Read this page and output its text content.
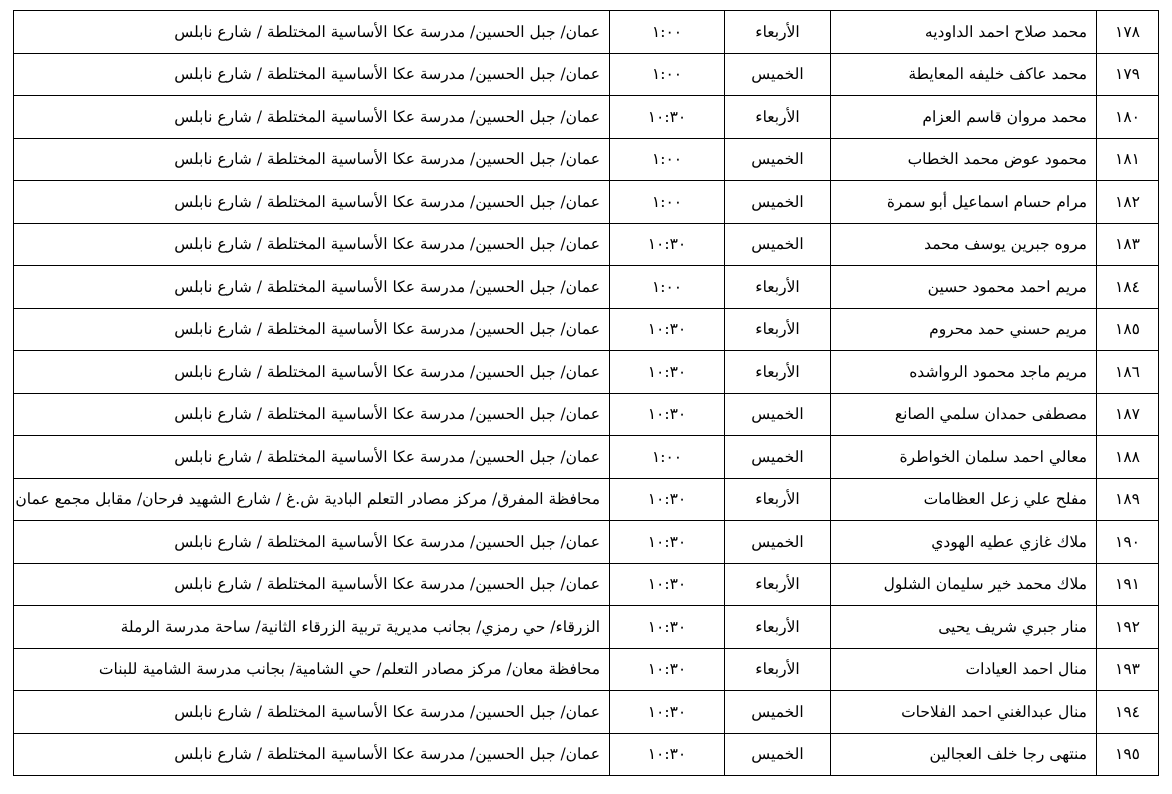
١٧٨	محمد صلاح احمد الداوديه	الأربعاء	١:٠٠	عمان/ جبل الحسين/ مدرسة عكا الأساسية المختلطة / شارع نابلس
١٧٩	محمد عاكف خليفه المعايطة	الخميس	١:٠٠	عمان/ جبل الحسين/ مدرسة عكا الأساسية المختلطة / شارع نابلس
١٨٠	محمد مروان قاسم العزام	الأربعاء	١٠:٣٠	عمان/ جبل الحسين/ مدرسة عكا الأساسية المختلطة / شارع نابلس
١٨١	محمود عوض محمد الخطاب	الخميس	١:٠٠	عمان/ جبل الحسين/ مدرسة عكا الأساسية المختلطة / شارع نابلس
١٨٢	مرام حسام اسماعيل أبو سمرة	الخميس	١:٠٠	عمان/ جبل الحسين/ مدرسة عكا الأساسية المختلطة / شارع نابلس
١٨٣	مروه جبرين يوسف محمد	الخميس	١٠:٣٠	عمان/ جبل الحسين/ مدرسة عكا الأساسية المختلطة / شارع نابلس
١٨٤	مريم احمد محمود حسين	الأربعاء	١:٠٠	عمان/ جبل الحسين/ مدرسة عكا الأساسية المختلطة / شارع نابلس
١٨٥	مريم حسني حمد محروم	الأربعاء	١٠:٣٠	عمان/ جبل الحسين/ مدرسة عكا الأساسية المختلطة / شارع نابلس
١٨٦	مريم ماجد محمود الرواشده	الأربعاء	١٠:٣٠	عمان/ جبل الحسين/ مدرسة عكا الأساسية المختلطة / شارع نابلس
١٨٧	مصطفى حمدان سلمي الصانع	الخميس	١٠:٣٠	عمان/ جبل الحسين/ مدرسة عكا الأساسية المختلطة / شارع نابلس
١٨٨	معالي احمد سلمان الخواطرة	الخميس	١:٠٠	عمان/ جبل الحسين/ مدرسة عكا الأساسية المختلطة / شارع نابلس
١٨٩	مفلح علي زعل العظامات	الأربعاء	١٠:٣٠	محافظة المفرق/ مركز مصادر التعلم البادية ش.غ / شارع الشهيد فرحان/ مقابل مجمع عمان
١٩٠	ملاك غازي عطيه الهودي	الخميس	١٠:٣٠	عمان/ جبل الحسين/ مدرسة عكا الأساسية المختلطة / شارع نابلس
١٩١	ملاك محمد خير سليمان الشلول	الأربعاء	١٠:٣٠	عمان/ جبل الحسين/ مدرسة عكا الأساسية المختلطة / شارع نابلس
١٩٢	منار جبري شريف يحيى	الأربعاء	١٠:٣٠	الزرقاء/ حي رمزي/ بجانب مديرية تربية الزرقاء الثانية/ ساحة مدرسة الرملة
١٩٣	منال احمد العيادات	الأربعاء	١٠:٣٠	محافظة معان/ مركز مصادر التعلم/ حي الشامية/ بجانب مدرسة الشامية للبنات
١٩٤	منال عبدالغني احمد الفلاحات	الخميس	١٠:٣٠	عمان/ جبل الحسين/ مدرسة عكا الأساسية المختلطة / شارع نابلس
١٩٥	منتهى رجا خلف العجالين	الخميس	١٠:٣٠	عمان/ جبل الحسين/ مدرسة عكا الأساسية المختلطة / شارع نابلس
